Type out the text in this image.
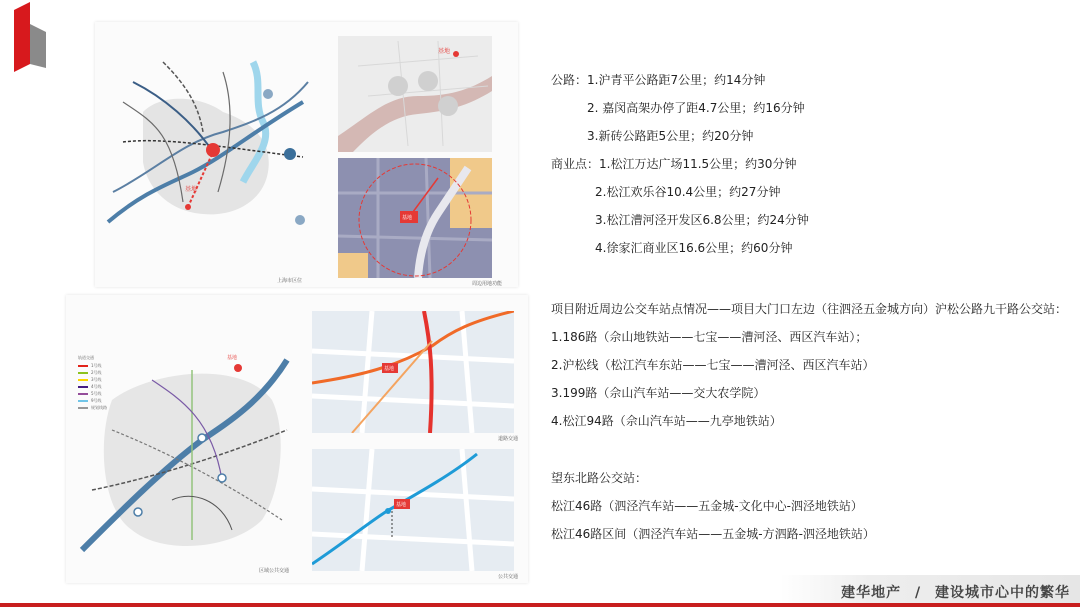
基地
上海市区位
基地
基地
周边用地功能
基地
轨道交通
1号线
2号线
3号线
4号线
5号线
9号线
规划线路
区域公共交通
基地
道路交通
基地
公共交通
公路： 1.沪青平公路距7公里；约14分钟
2. 嘉闵高架办停了距4.7公里；约16分钟
3.新砖公路距5公里；约20分钟
商业点： 1.松江万达广场11.5公里；约30分钟
2.松江欢乐谷10.4公里；约27分钟
3.松江漕河泾开发区6.8公里；约24分钟
4.徐家汇商业区16.6公里；约60分钟
项目附近周边公交车站点情况——项目大门口左边（往泗泾五金城方向）沪松公路九干路公交站：
1.186路（佘山地铁站——七宝——漕河泾、西区汽车站）；
2.沪松线（松江汽车东站——七宝——漕河泾、西区汽车站）
3.199路（佘山汽车站——交大农学院）
4.松江94路（佘山汽车站——九亭地铁站）
望东北路公交站：
松江46路（泗泾汽车站——五金城-文化中心-泗泾地铁站）
松江46路区间（泗泾汽车站——五金城-方泗路-泗泾地铁站）
建华地产 / 建设城市心中的繁华
